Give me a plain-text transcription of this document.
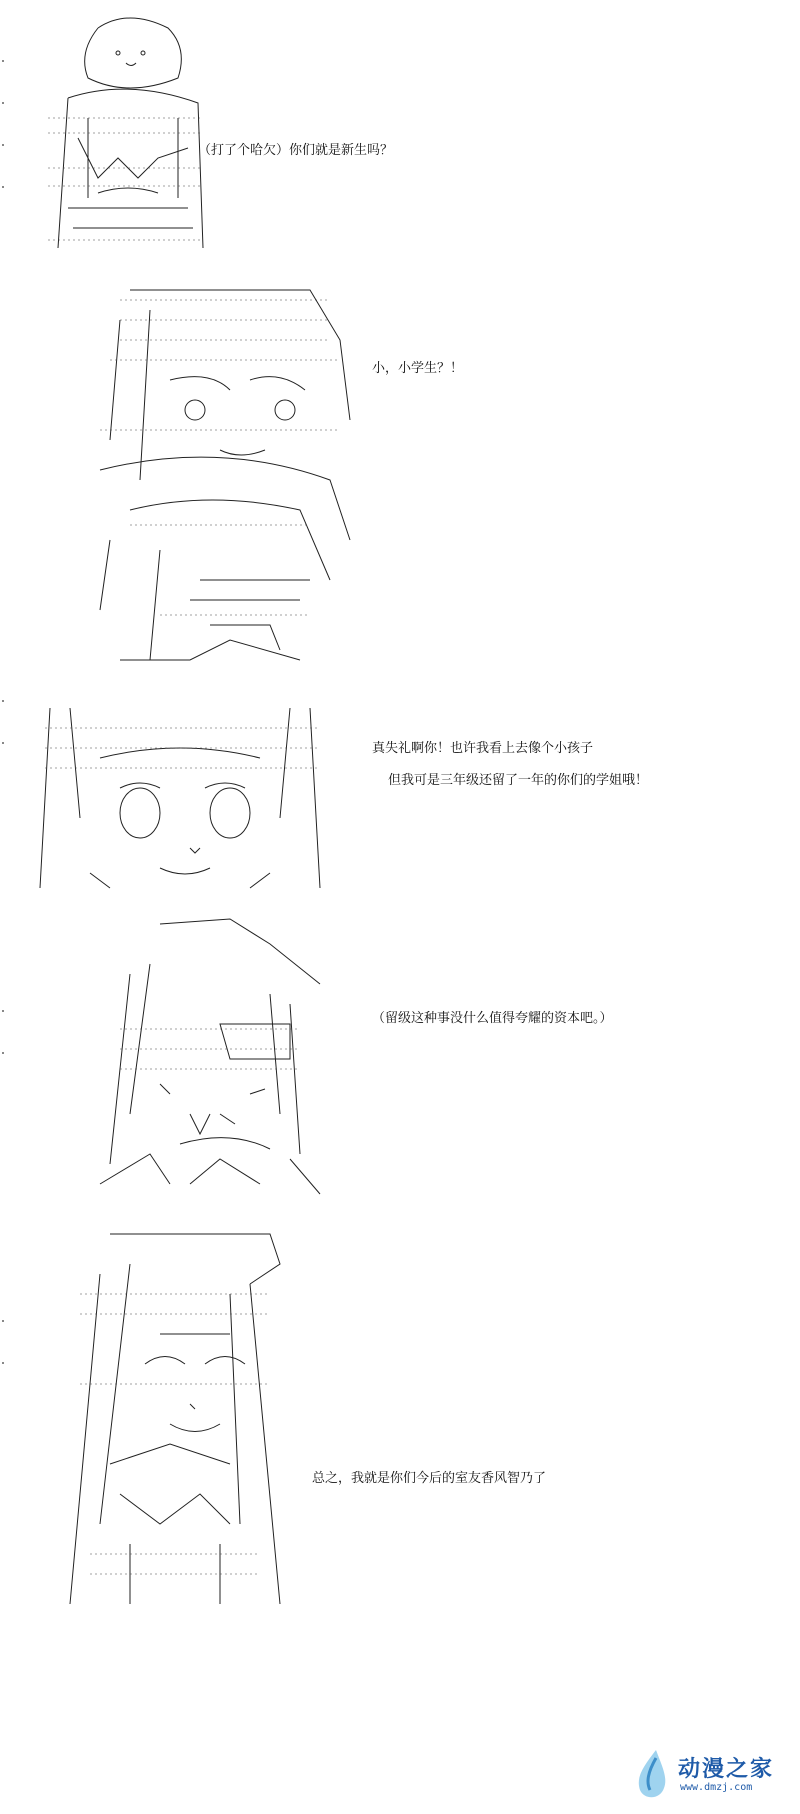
（打了个哈欠）你们就是新生吗？
小，小学生？！
真失礼啊你！也许我看上去像个小孩子
但我可是三年级还留了一年的你们的学姐哦！
（留级这种事没什么值得夸耀的资本吧。）
总之，我就是你们今后的室友香风智乃了
动漫之家
www.dmzj.com
